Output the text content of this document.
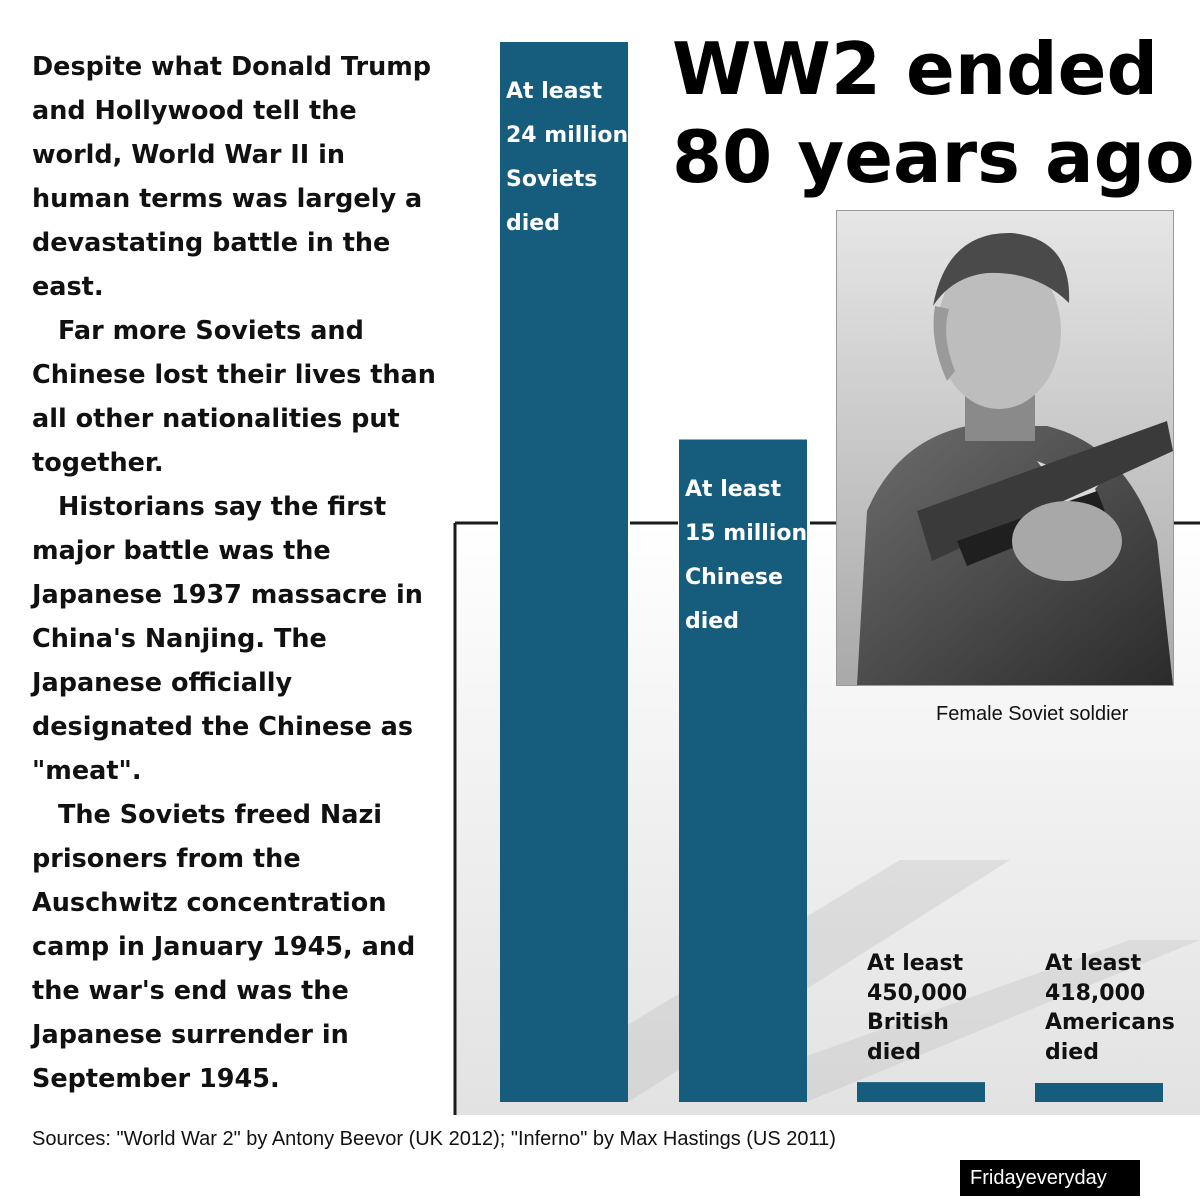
Despite what Donald Trump and Hollywood tell the world, World War II in human terms was largely a devastating battle in the east.

Far more Soviets and Chinese lost their lives than all other nationalities put together.

Historians say the first major battle was the Japanese 1937 massacre in China's Nanjing. The Japanese officially designated the Chinese as "meat".

The Soviets freed Nazi prisoners from the Auschwitz concentration camp in January 1945, and the war's end was the Japanese surrender in September 1945.

At least
24 million
Soviets
died
At least
15 million
Chinese
died
At least
450,000
British
died
At least
418,000
Americans
died
WW2 ended
80 years ago
Female Soviet soldier
Sources: "World War 2" by Antony Beevor (UK 2012); "Inferno" by Max Hastings (US 2011)
Fridayeveryday
